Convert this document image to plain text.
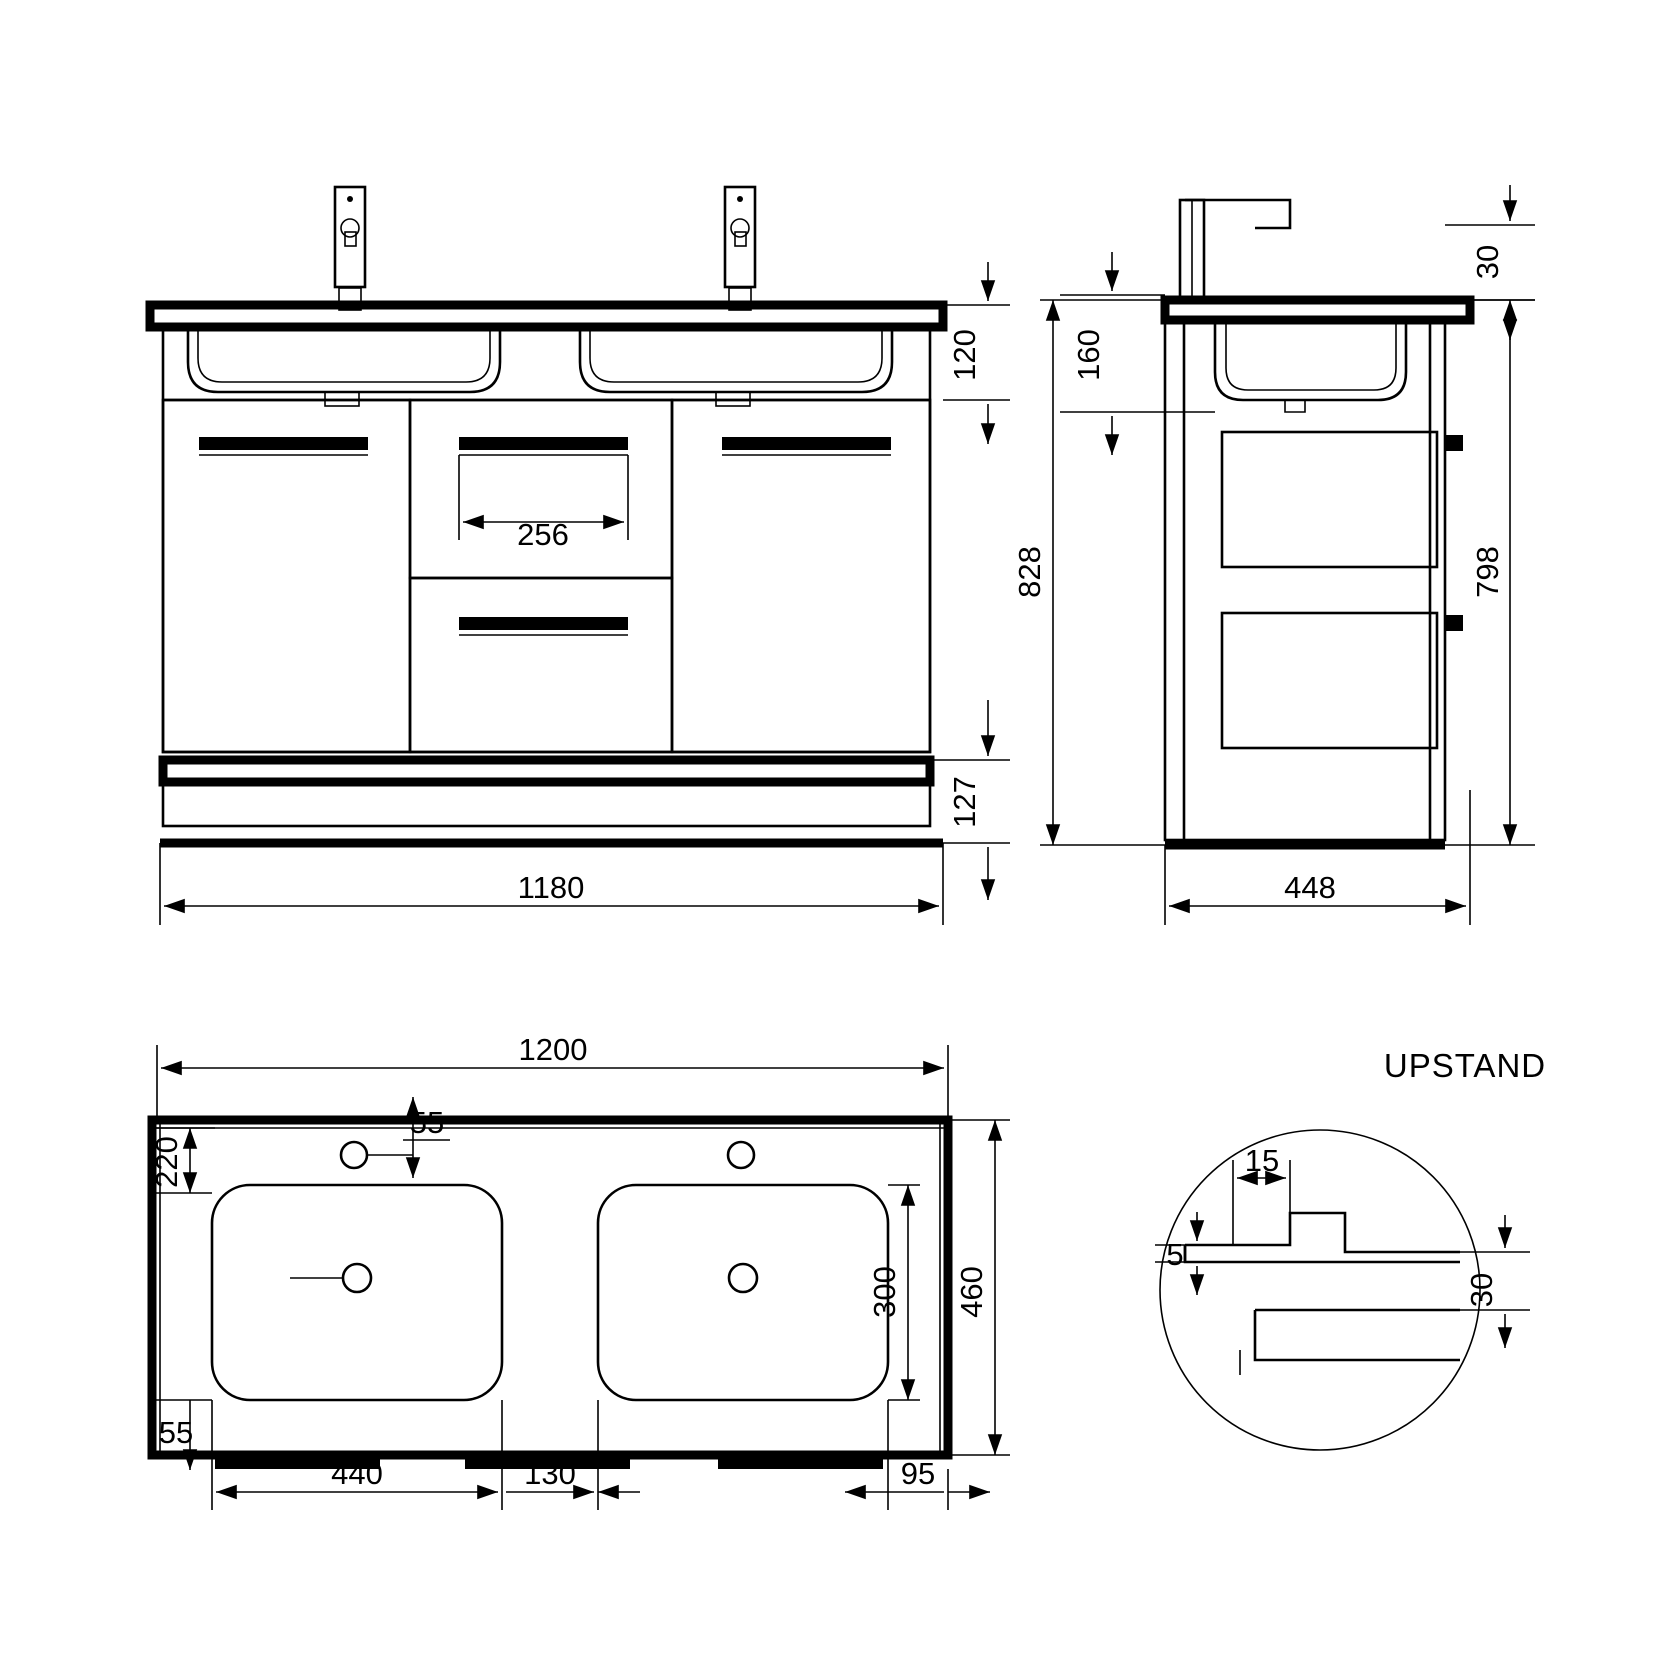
256
120
127
1180
30
160
828	798
448
1200
55
220
55
300 460
440	130	95
UPSTAND
15
5
30
